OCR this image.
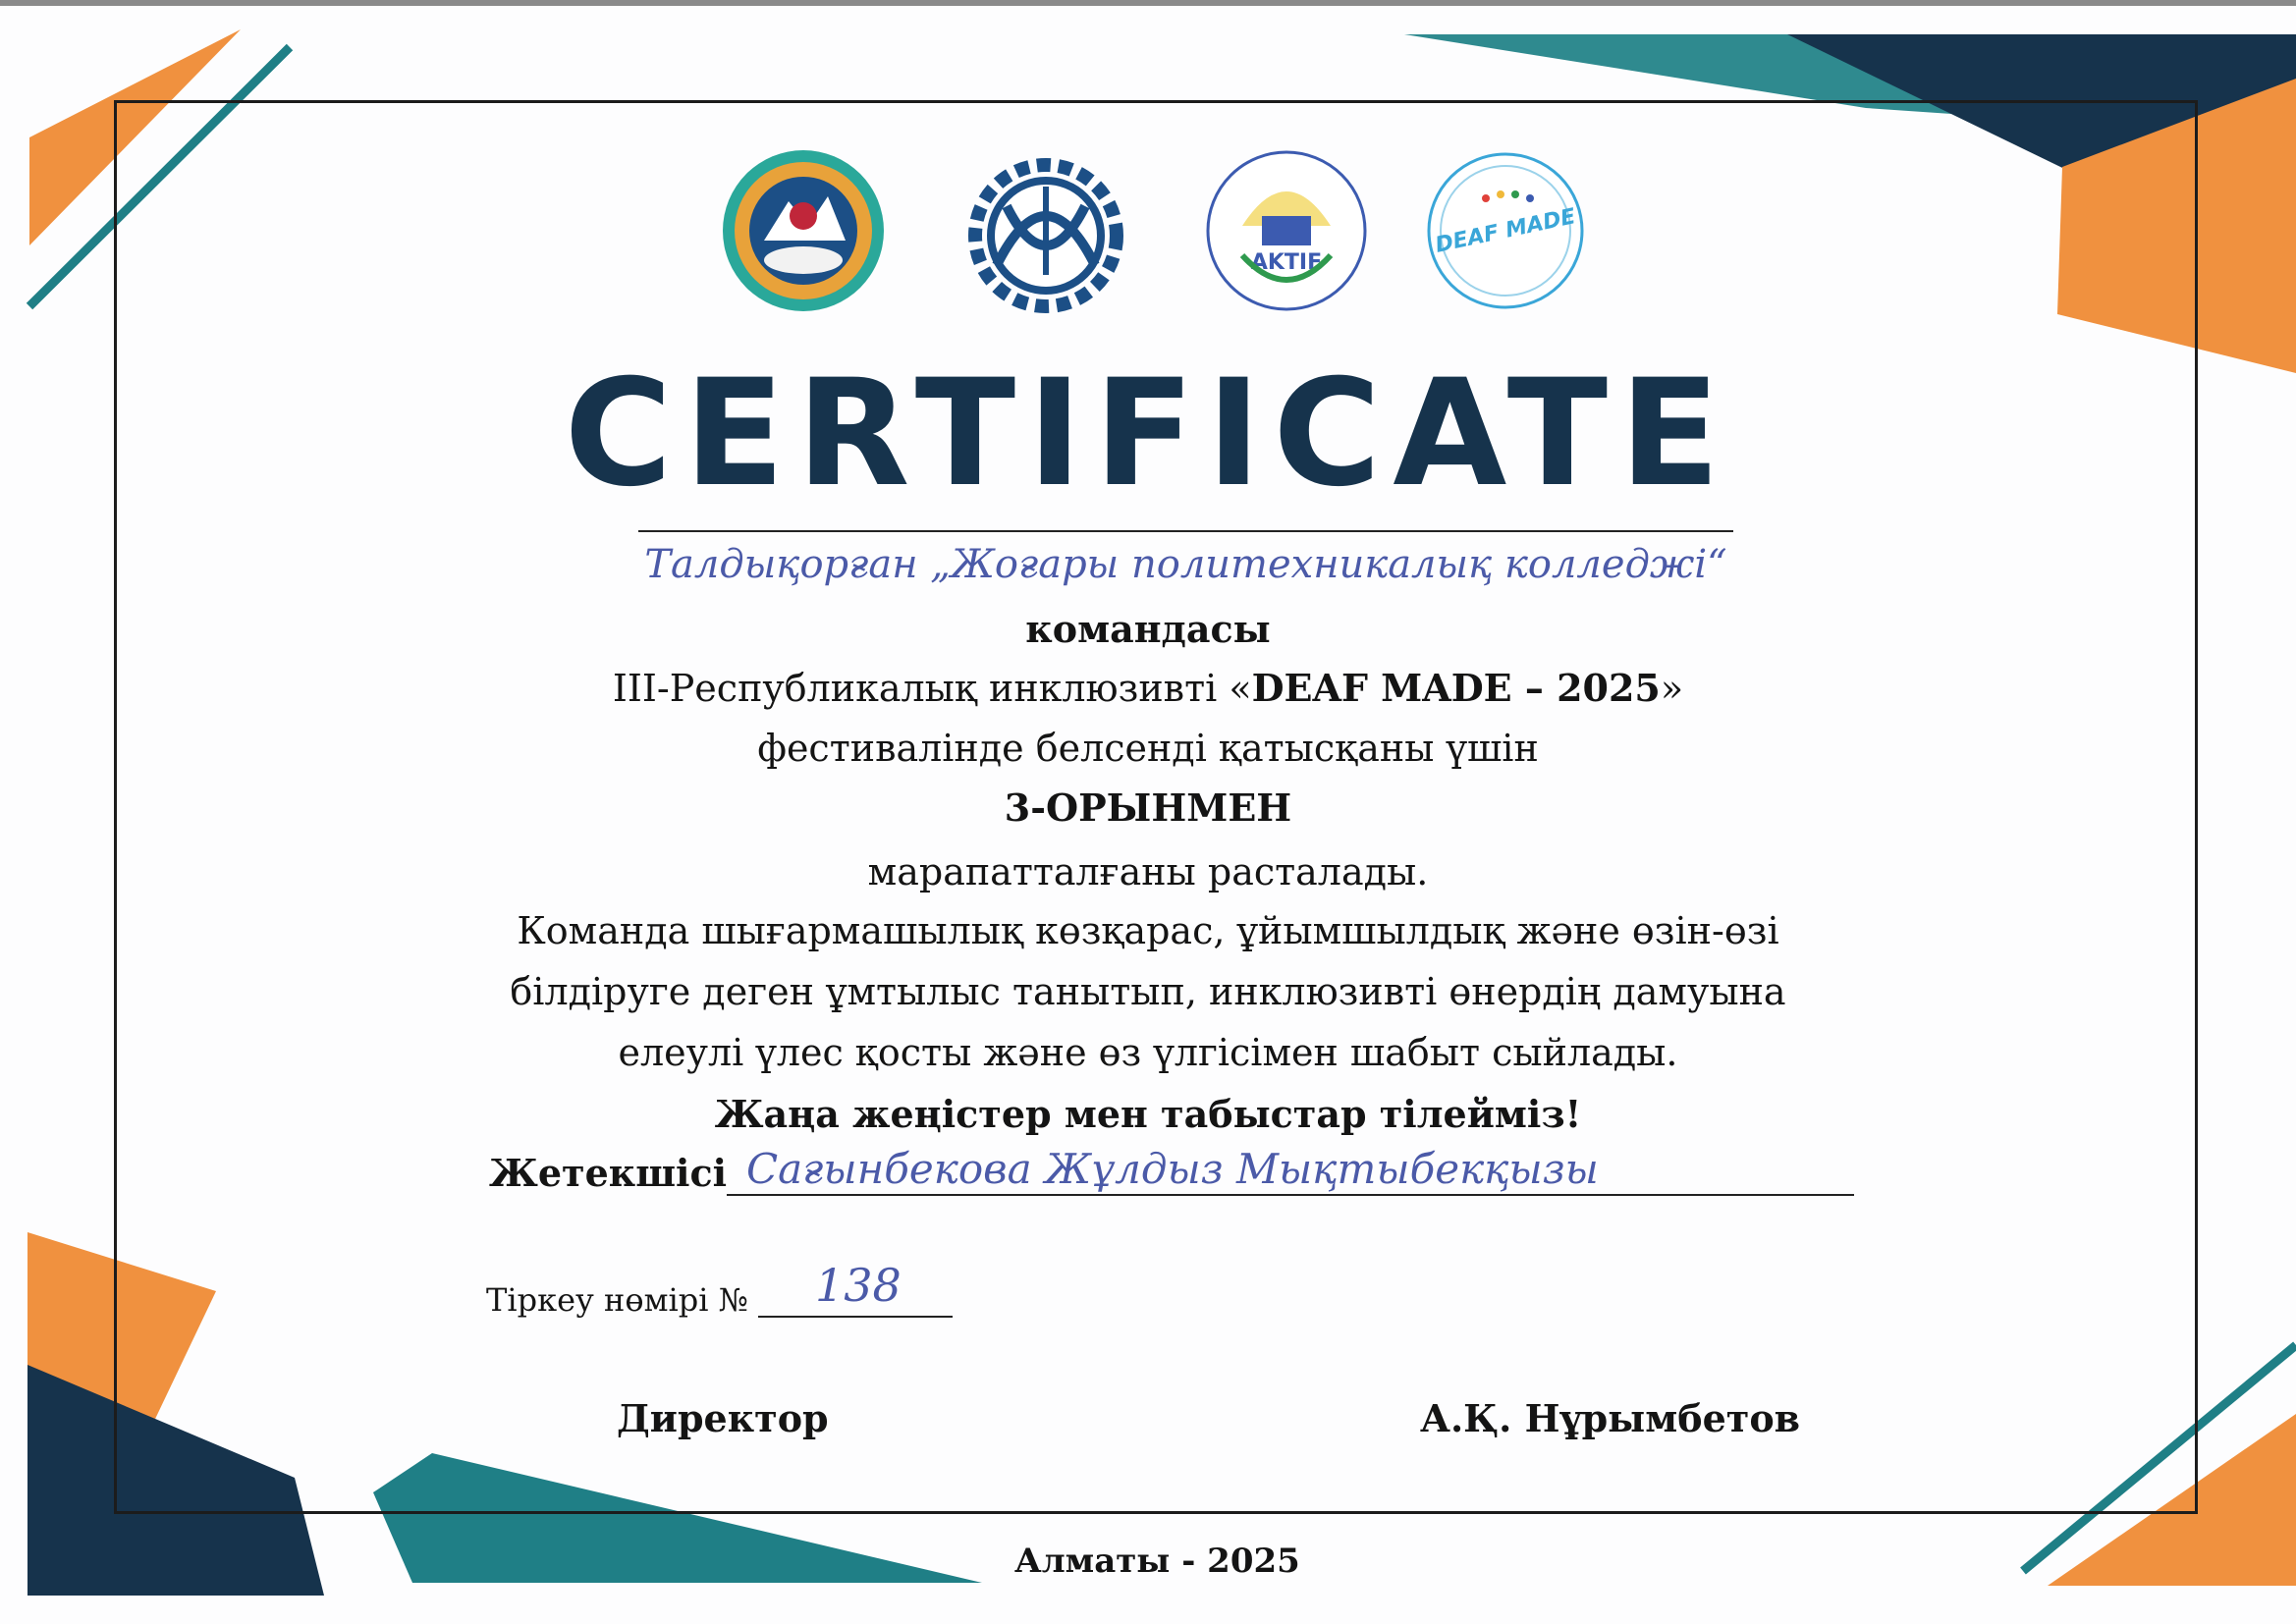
AKTIF
DEAF MADE
CERTIFICATE
Талдықорған „Жоғары политехникалық колледжі“
командасы
III-Республикалық инклюзивті «DEAF MADE – 2025»
фестивалінде белсенді қатысқаны үшін
3-ОРЫНМЕН
марапатталғаны расталады.
Команда шығармашылық көзқарас, ұйымшылдық және өзін-өзі
білдіруге деген ұмтылыс танытып, инклюзивті өнердің дамуына
елеулі үлес қосты және өз үлгісімен шабыт сыйлады.
Жаңа жеңістер мен табыстар тілейміз!
Жетекшісі Сағынбекова Жұлдыз Мықтыбекқызы
Тіркеу нөмірі № 138
Директор	А.Қ. Нұрымбетов
Алматы - 2025
